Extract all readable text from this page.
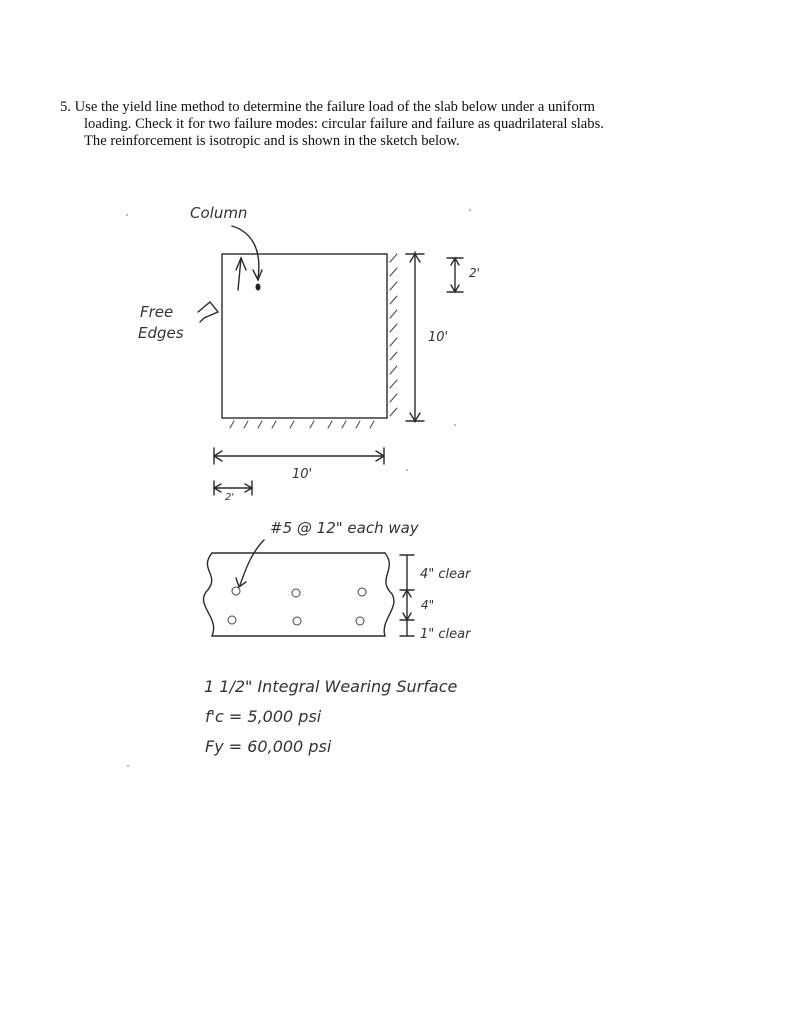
5. Use the yield line method to determine the failure load of the slab below under a uniform
loading. Check it for two failure modes: circular failure and failure as quadrilateral slabs.
The reinforcement is isotropic and is shown in the sketch below.
Column
Free
Edges	10'
2'
10'
2'
#5 @ 12" each way
4" clear
4"
1" clear
1 1/2" Integral Wearing Surface
f'c = 5,000 psi
Fy = 60,000 psi
